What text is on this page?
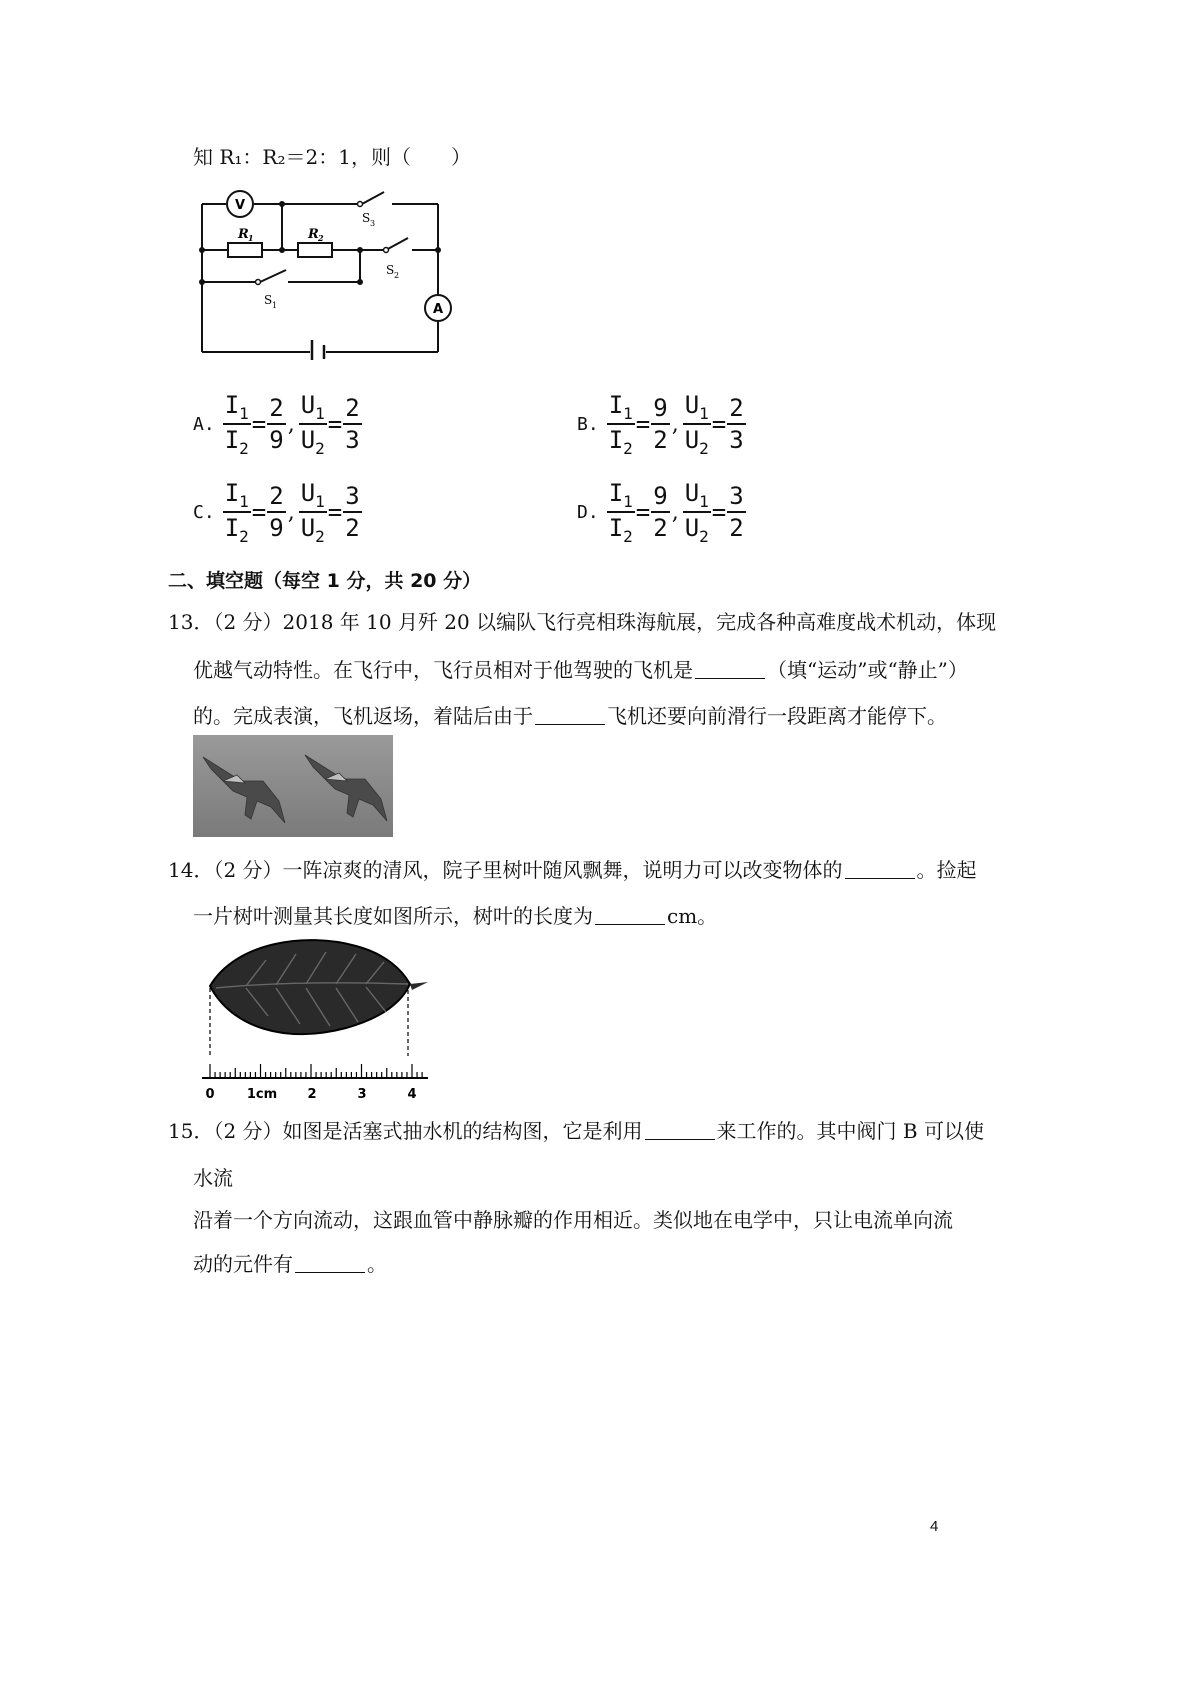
知 R₁：R₂＝2：1，则（　　）
V
A
R 1	R 2
S 1
S 2
S 3
A. $\frac{I_1}{I_2} = \frac{2}{9}$ , $\frac{U_1}{U_2} = \frac{2}{3}$	B. $\frac{I_1}{I_2} = \frac{9}{2}$ , $\frac{U_1}{U_2} = \frac{2}{3}$
C. $\frac{I_1}{I_2} = \frac{2}{9}$ , $\frac{U_1}{U_2} = \frac{3}{2}$	D. $\frac{I_1}{I_2} = \frac{9}{2}$ , $\frac{U_1}{U_2} = \frac{3}{2}$
二、填空题（每空 1 分，共 20 分）
13．（2 分）2018 年 10 月歼 20 以编队飞行亮相珠海航展，完成各种高难度战术机动，体现
优越气动特性。在飞行中，飞行员相对于他驾驶的飞机是	（填“运动”或“静止”）
的。完成表演，飞机返场，着陆后由于	飞机还要向前滑行一段距离才能停下。
14．（2 分）一阵凉爽的清风，院子里树叶随风飘舞，说明力可以改变物体的	。捡起
一片树叶测量其长度如图所示，树叶的长度为	cm。
0 1cm 2	3	4
15．（2 分）如图是活塞式抽水机的结构图，它是利用	来工作的。其中阀门 B 可以使
水流
沿着一个方向流动，这跟血管中静脉瓣的作用相近。类似地在电学中，只让电流单向流
动的元件有	。
4
